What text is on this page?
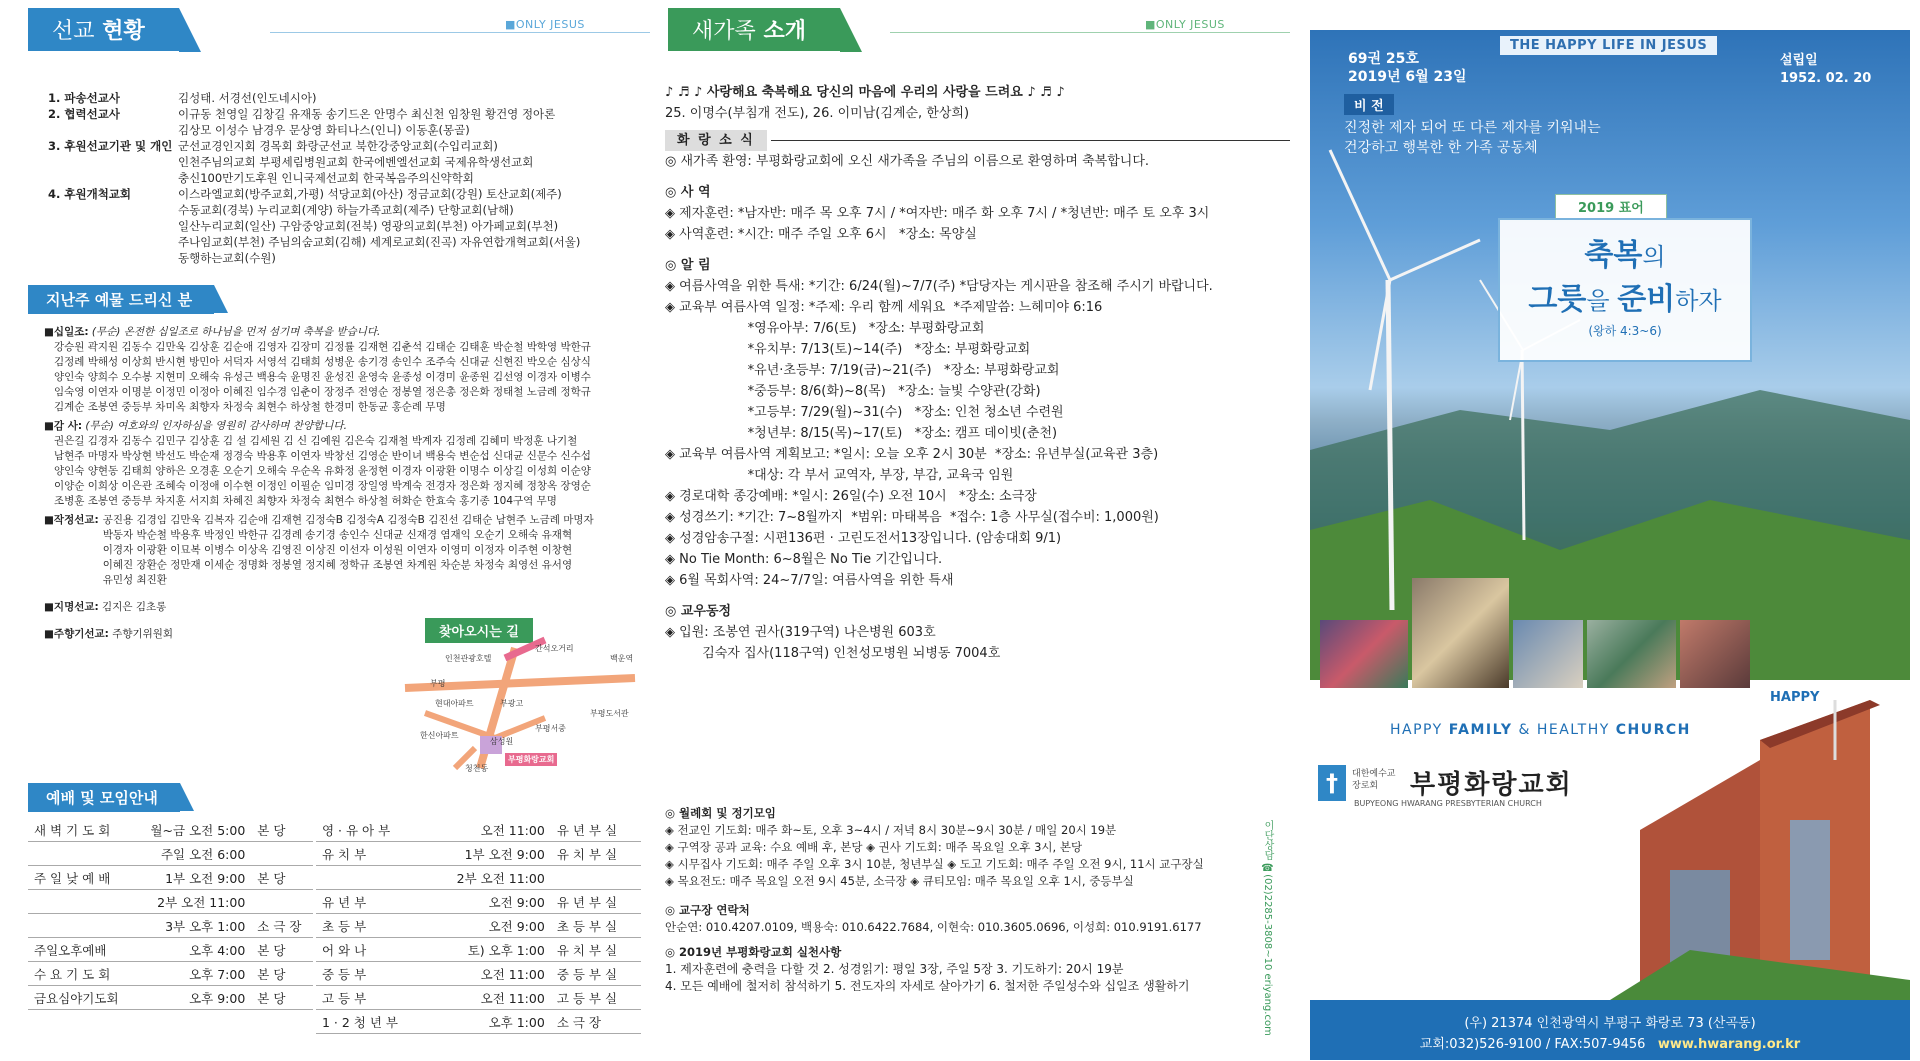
선교 현황	■ONLY JESUS
1. 파송선교사	김성태. 서경선(인도네시아)
2. 협력선교사	이규동 천영일 김창길 유재동 송기드온 안명수 최신천 임창원 황건영 정아론
김상모 이성수 남경우 문상영 화티나스(인니) 이동훈(몽골)
3. 후원선교기관 및 개인 군선교경인지회 경목회 화랑군선교 북한강중앙교회(수입리교회)
인천주님의교회 부평세림병원교회 한국에벤엘선교회 국제유학생선교회
충신100만기도후원 인니국제선교회 한국복음주의신약학회
4. 후원개척교회	이스라엘교회(방주교회,가평) 석당교회(아산) 정금교회(강원) 토산교회(제주)
수동교회(경북) 누리교회(계양) 하늘가족교회(제주) 단항교회(남해)
일산누리교회(일산) 구암중앙교회(전북) 영광의교회(부천) 아가페교회(부천)
주나임교회(부천) 주님의숨교회(김해) 세계로교회(진곡) 자유연합개혁교회(서울)
동행하는교회(수원)
지난주 예물 드리신 분
■십일조: (무순) 온전한 십일조로 하나님을 먼저 섬기며 축복을 받습니다.
강승원 곽지원 김동수 김만욱 김상훈 김순애 김영자 김장미 김정률 김재현 김춘석 김태순 김태훈 박순철 박학영 박한규
김정례 박해성 이상희 반시현 방민아 서덕자 서영석 김태희 성병운 송기경 송인수 조주숙 신대균 신현진 박오순 심상식
양인숙 양희수 오수봉 지현미 오해숙 유성근 백용숙 윤명진 윤성진 윤영숙 윤종성 이경미 윤종원 김선영 이경자 이병수
임숙영 이연자 이명분 이정민 이정아 이혜진 임수경 임춘이 장정주 전영순 정봉열 정은총 정은화 정태철 노금례 정학규
김계순 조봉연 중등부 차미옥 최향자 차정숙 최현수 하상철 한경미 한동균 홍순례 무명
■감 사: (무순) 여호와의 인자하심을 영원히 감사하며 찬양합니다.
권은길 김경자 김동수 김민구 김상훈 김 설 김세원 김 신 김예원 김은숙 김재철 박계자 김정례 김혜미 박정훈 나기철
남현주 마명자 박상현 박선도 박순재 정경숙 박용후 이연자 박창선 김영순 반이녀 백용숙 변순섭 신대균 신문수 신수섭
양인숙 양현동 김태희 양하은 오경훈 오순기 오해숙 우순옥 유화정 윤정현 이경자 이광환 이명수 이상길 이성희 이순양
이양순 이희상 이은관 조혜숙 이정애 이수현 이정인 이필순 임미경 장일영 박계숙 전경자 정은화 정지혜 정창옥 장영순
조병훈 조봉연 중등부 차지훈 서지희 차혜진 최향자 차정숙 최현수 하상철 허화순 한효숙 홍기종 104구역 무명
■작정선교: 공진용 김경임 김만욱 김복자 김순애 김재현 김정숙B 김정숙A 김정숙B 김진선 김태순 남현주 노금례 마명자
박동자 박순철 박용후 박정인 박한규 김경례 송기경 송인수 신대균 신재경 염재익 오순기 오해숙 유재혁
이경자 이광환 이묘복 이병수 이상옥 김영진 이상진 이선자 이성원 이연자 이영미 이정자 이주현 이창현
이혜진 장환순 정만재 이세순 정명화 정봉열 정지혜 정학규 조봉연 차계원 차순분 차정숙 최영선 유서영
유민성 최진환
■지명선교: 김지은 김초롱
■주향기선교: 주향기위원회	찾아오시는 길
인천관광호텔
간석오거리
백운역
부평
현대아파트	부광고
부평서중
부평도서관
한신아파트
삼성원
부평화랑교회
청천동
예배 및 모임안내
새 벽 기 도 회	월~금 오전 5:00	본 당
	주일 오전 6:00	
주 일 낮 예 배	1부 오전 9:00	본 당
	2부 오전 11:00	
	3부 오후 1:00	소 극 장
주일오후예배	오후 4:00	본 당
수 요 기 도 회	오후 7:00	본 당
금요심야기도회	오후 9:00	본 당
영 · 유 아 부	오전 11:00	유 년 부 실
유 치 부	1부 오전 9:00	유 치 부 실
	2부 오전 11:00	
유 년 부	오전 9:00	유 년 부 실
초 등 부	오전 9:00	초 등 부 실
어 와 나	토) 오후 1:00	유 치 부 실
중 등 부	오전 11:00	중 등 부 실
고 등 부	오전 11:00	고 등 부 실
1 · 2 청 년 부	오후 1:00	소 극 장
새가족 소개	■ONLY JESUS
♪ ♬ ♪ 사랑해요 축복해요 당신의 마음에 우리의 사랑을 드려요 ♪ ♬ ♪
25. 이명수(부침개 전도), 26. 이미남(김계순, 한상희)
화 랑 소 식
◎ 새가족 환영: 부평화랑교회에 오신 새가족을 주님의 이름으로 환영하며 축복합니다.
◎ 사 역
◈ 제자훈련: *남자반: 매주 목 오후 7시 / *여자반: 매주 화 오후 7시 / *청년반: 매주 토 오후 3시
◈ 사역훈련: *시간: 매주 주일 오후 6시   *장소: 목양실
◎ 알 림
◈ 여름사역을 위한 특새: *기간: 6/24(월)~7/7(주) *담당자는 게시판을 참조해 주시기 바랍니다.
◈ 교육부 여름사역 일정: *주제: 우리 함께 세워요  *주제말씀: 느헤미야 6:16
*영유아부: 7/6(토)   *장소: 부평화랑교회
*유치부: 7/13(토)~14(주)   *장소: 부평화랑교회
*유년·초등부: 7/19(금)~21(주)   *장소: 부평화랑교회
*중등부: 8/6(화)~8(목)   *장소: 늘빛 수양관(강화)
*고등부: 7/29(월)~31(수)   *장소: 인천 청소년 수련원
*청년부: 8/15(목)~17(토)   *장소: 캠프 데이빗(춘천)
◈ 교육부 여름사역 계획보고: *일시: 오늘 오후 2시 30분  *장소: 유년부실(교육관 3층)
*대상: 각 부서 교역자, 부장, 부감, 교육국 임원
◈ 경로대학 종강예배: *일시: 26일(수) 오전 10시   *장소: 소극장
◈ 성경쓰기: *기간: 7~8월까지  *범위: 마태복음  *접수: 1층 사무실(접수비: 1,000원)
◈ 성경암송구절: 시편136편 · 고린도전서13장입니다. (암송대회 9/1)
◈ No Tie Month: 6~8월은 No Tie 기간입니다.
◈ 6월 목회사역: 24~7/7일: 여름사역을 위한 특새
◎ 교우동정
◈ 입원: 조봉연 권사(319구역) 나은병원 603호
김숙자 집사(118구역) 인천성모병원 뇌병동 7004호
◎ 월례회 및 정기모임
◈ 전교인 기도회: 매주 화~토, 오후 3~4시 / 저녁 8시 30분~9시 30분 / 매일 20시 19분
◈ 구역장 공과 교육: 수요 예배 후, 본당 ◈ 권사 기도회: 매주 목요일 오후 3시, 본당
◈ 시무집사 기도회: 매주 주일 오후 3시 10분, 청년부실 ◈ 도고 기도회: 매주 주일 오전 9시, 11시 교구장실
◈ 목요전도: 매주 목요일 오전 9시 45분, 소극장 ◈ 큐티모임: 매주 목요일 오후 1시, 중등부실
◎ 교구장 연락처
안순연: 010.4207.0109, 백용숙: 010.6422.7684, 이현숙: 010.3605.0696, 이성희: 010.9191.6177
◎ 2019년 부평화랑교회 실천사항
1. 제자훈련에 충력을 다할 것 2. 성경읽기: 평일 3장, 주일 5장 3. 기도하기: 20시 19분
4. 모든 예배에 철저히 참석하기 5. 전도자의 자세로 살아가기 6. 철저한 주일성수와 십일조 생활하기	이단상담 ☎(02)2285-3808~10 eriyang.com
THE HAPPY LIFE IN JESUS
69권 25호
2019년 6월 23일
설립일
1952. 02. 20
비 전
진정한 제자 되어 또 다른 제자를 키워내는
건강하고 행복한 한 가족 공동체
2019 표어
축복의
그릇을 준비하자
(왕하 4:3~6)
HAPPY
HAPPY FAMILY & HEALTHY CHURCH
†	대한예수교
장로회	부평화랑교회
BUPYEONG HWARANG PRESBYTERIAN CHURCH
(우) 21374 인천광역시 부평구 화랑로 73 (산곡동)
교회:032)526-9100 / FAX:507-9456 www.hwarang.or.kr
